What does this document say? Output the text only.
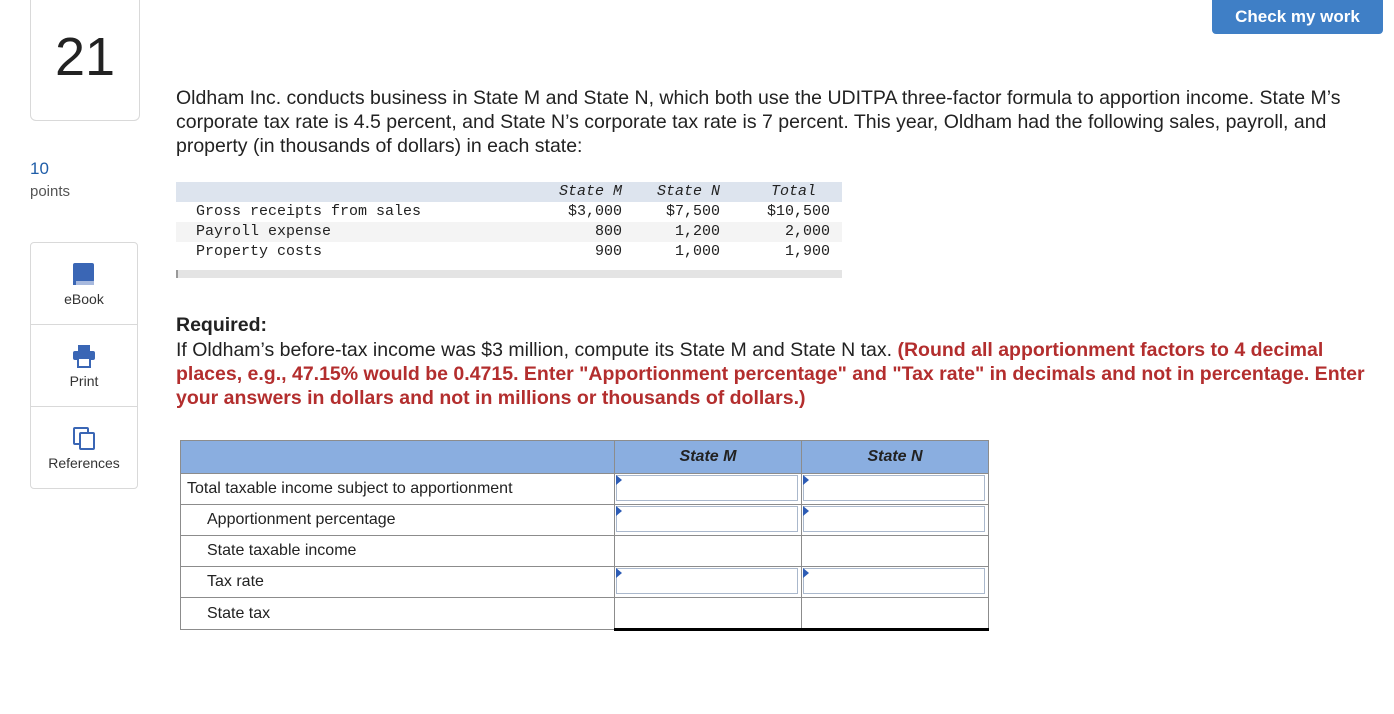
Check my work
21
10
points
eBook
Print
References
Oldham Inc. conducts business in State M and State N, which both use the UDITPA three-factor formula to apportion income. State M’s corporate tax rate is 4.5 percent, and State N’s corporate tax rate is 7 percent. This year, Oldham had the following sales, payroll, and property (in thousands of dollars) in each state:
	State M	State N	Total
Gross receipts from sales	$3,000	$7,500	$10,500
Payroll expense	800	1,200	2,000
Property costs	900	1,000	1,900
Required:
If Oldham’s before-tax income was $3 million, compute its State M and State N tax. (Round all apportionment factors to 4 decimal places, e.g., 47.15% would be 0.4715. Enter "Apportionment percentage" and "Tax rate" in decimals and not in percentage. Enter your answers in dollars and not in millions or thousands of dollars.)
	State M	State N
Total taxable income subject to apportionment	

Apportionment percentage	

State taxable income		
Tax rate	

State tax		
